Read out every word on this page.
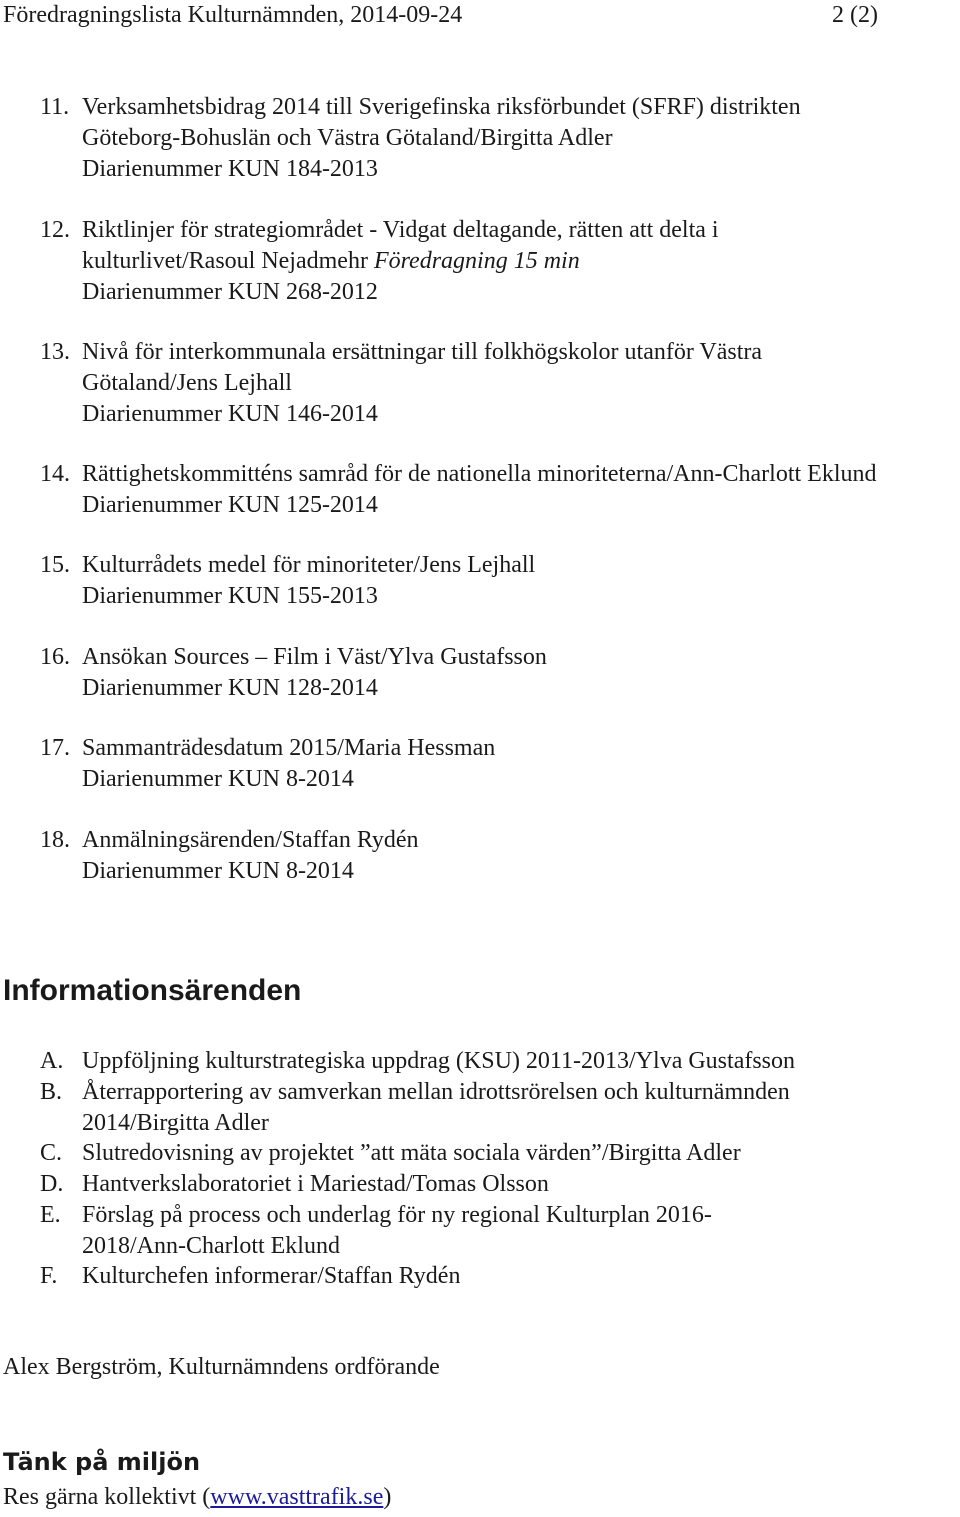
Föredragningslista Kulturnämnden, 2014-09-24	2 (2)
11. Verksamhetsbidrag 2014 till Sverigefinska riksförbundet (SFRF) distrikten
Göteborg-Bohuslän och Västra Götaland/Birgitta Adler
Diarienummer KUN 184-2013
12. Riktlinjer för strategiområdet - Vidgat deltagande, rätten att delta i
kulturlivet/Rasoul Nejadmehr Föredragning 15 min
Diarienummer KUN 268-2012
13. Nivå för interkommunala ersättningar till folkhögskolor utanför Västra
Götaland/Jens Lejhall
Diarienummer KUN 146-2014
14. Rättighetskommitténs samråd för de nationella minoriteterna/Ann-Charlott Eklund
Diarienummer KUN 125-2014
15. Kulturrådets medel för minoriteter/Jens Lejhall
Diarienummer KUN 155-2013
16. Ansökan Sources – Film i Väst/Ylva Gustafsson
Diarienummer KUN 128-2014
17. Sammanträdesdatum 2015/Maria Hessman
Diarienummer KUN 8-2014
18. Anmälningsärenden/Staffan Rydén
Diarienummer KUN 8-2014
Informationsärenden
A. Uppföljning kulturstrategiska uppdrag (KSU) 2011-2013/Ylva Gustafsson
B. Återrapportering av samverkan mellan idrottsrörelsen och kulturnämnden
2014/Birgitta Adler
C. Slutredovisning av projektet ”att mäta sociala värden”/Birgitta Adler
D. Hantverkslaboratoriet i Mariestad/Tomas Olsson
E. Förslag på process och underlag för ny regional Kulturplan 2016-
2018/Ann-Charlott Eklund
F.	Kulturchefen informerar/Staffan Rydén
Alex Bergström, Kulturnämndens ordförande
Tänk på miljön
Res gärna kollektivt (www.vasttrafik.se)
